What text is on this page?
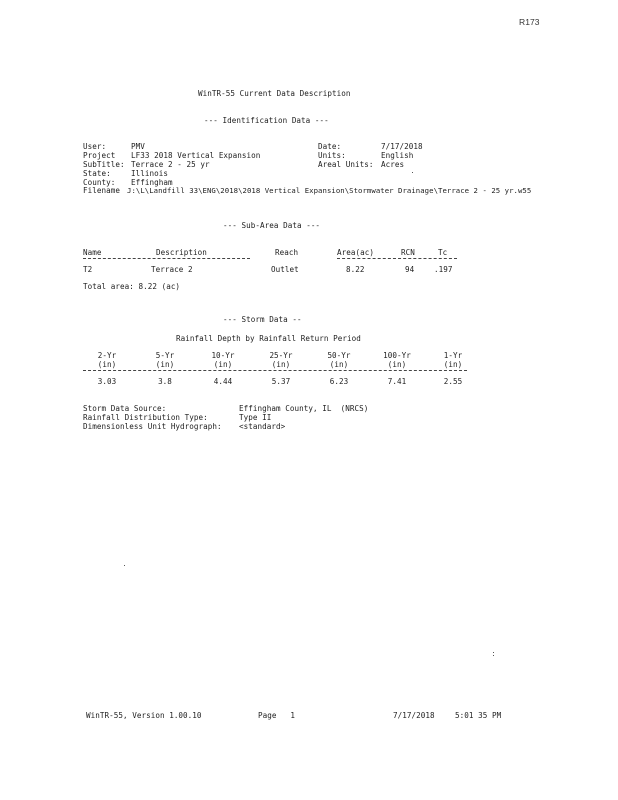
R173
WinTR-55 Current Data Description
--- Identification Data ---
User:	PMV	Date:	7/17/2018
Project LF33 2018 Vertical Expansion	Units:	English
SubTitle: Terrace 2 - 25 yr	Areal Units: Acres
State:	Illinois
County: Effingham
Filename J:\L\Landfill 33\ENG\2018\2018 Vertical Expansion\Stormwater Drainage\Terrace 2 - 25 yr.w55
--- Sub-Area Data ---
Name	Description	Reach	Area(ac)	RCN	Tc
T2	Terrace 2	Outlet	8.22	94	.197
Total area: 8.22 (ac)
--- Storm Data --
Rainfall Depth by Rainfall Return Period
2-Yr	5-Yr	10-Yr	25-Yr	50-Yr	100-Yr	1-Yr
(in)	(in)	(in)	(in)	(in)	(in)	(in)
3.03	3.8	4.44	5.37	6.23	7.41	2.55
Storm Data Source:	Effingham County, IL  (NRCS)
Rainfall Distribution Type:	Type II
Dimensionless Unit Hydrograph: <standard>
WinTR-55, Version 1.00.10	Page   1	7/17/2018	5:01 35 PM
